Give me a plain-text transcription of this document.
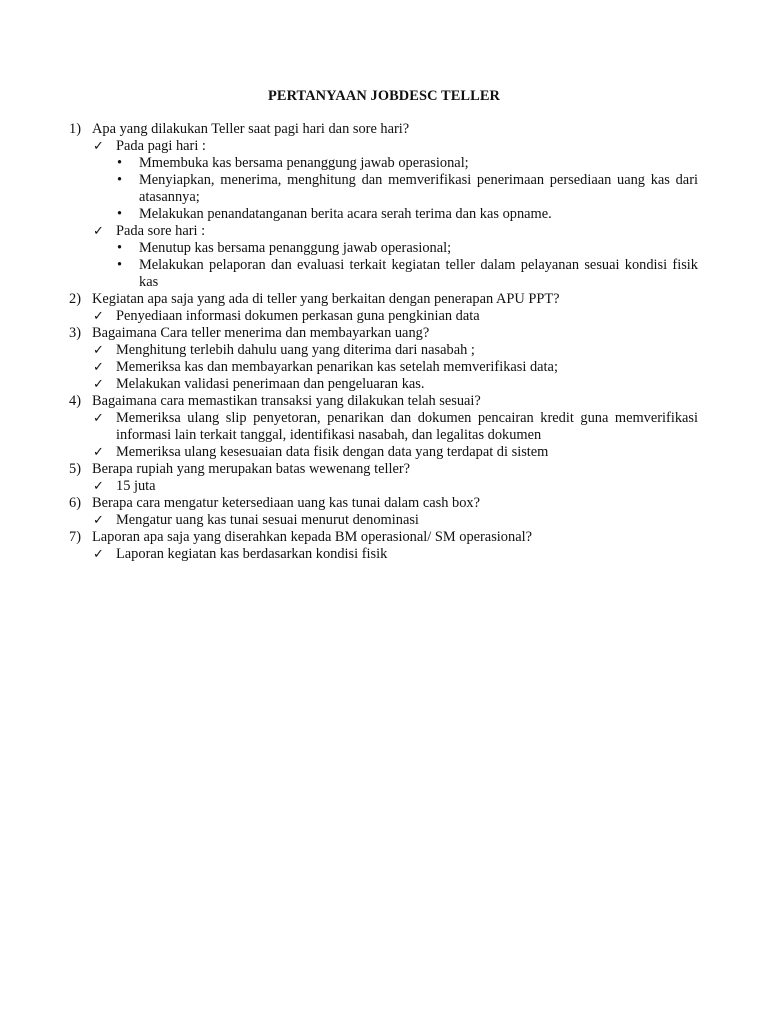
PERTANYAAN JOBDESC TELLER
1) Apa yang dilakukan Teller saat pagi hari dan sore hari?
✓ Pada pagi hari :
• Mmembuka kas bersama penanggung jawab operasional;
• Menyiapkan, menerima, menghitung dan memverifikasi penerimaan persediaan uang kas dari atasannya;
• Melakukan penandatanganan berita acara serah terima dan kas opname.
✓ Pada sore hari :
• Menutup kas bersama penanggung jawab operasional;
• Melakukan pelaporan dan evaluasi terkait kegiatan teller dalam pelayanan sesuai kondisi fisik kas
2) Kegiatan apa saja yang ada di teller yang berkaitan dengan penerapan APU PPT?
✓ Penyediaan informasi dokumen perkasan guna pengkinian data
3) Bagaimana Cara teller menerima dan membayarkan uang?
✓ Menghitung terlebih dahulu uang yang diterima dari nasabah ;
✓ Memeriksa kas dan membayarkan penarikan kas setelah memverifikasi data;
✓ Melakukan validasi penerimaan dan pengeluaran kas.
4) Bagaimana cara memastikan transaksi yang dilakukan telah sesuai?
✓ Memeriksa ulang slip penyetoran, penarikan dan dokumen pencairan kredit guna memverifikasi informasi lain terkait tanggal, identifikasi nasabah, dan legalitas dokumen
✓ Memeriksa ulang kesesuaian data fisik dengan data yang terdapat di sistem
5) Berapa rupiah yang merupakan batas wewenang teller?
✓ 15 juta
6) Berapa cara mengatur ketersediaan uang kas tunai dalam cash box?
✓ Mengatur uang kas tunai sesuai menurut denominasi
7) Laporan apa saja yang diserahkan kepada BM operasional/ SM operasional?
✓ Laporan kegiatan kas berdasarkan kondisi fisik
